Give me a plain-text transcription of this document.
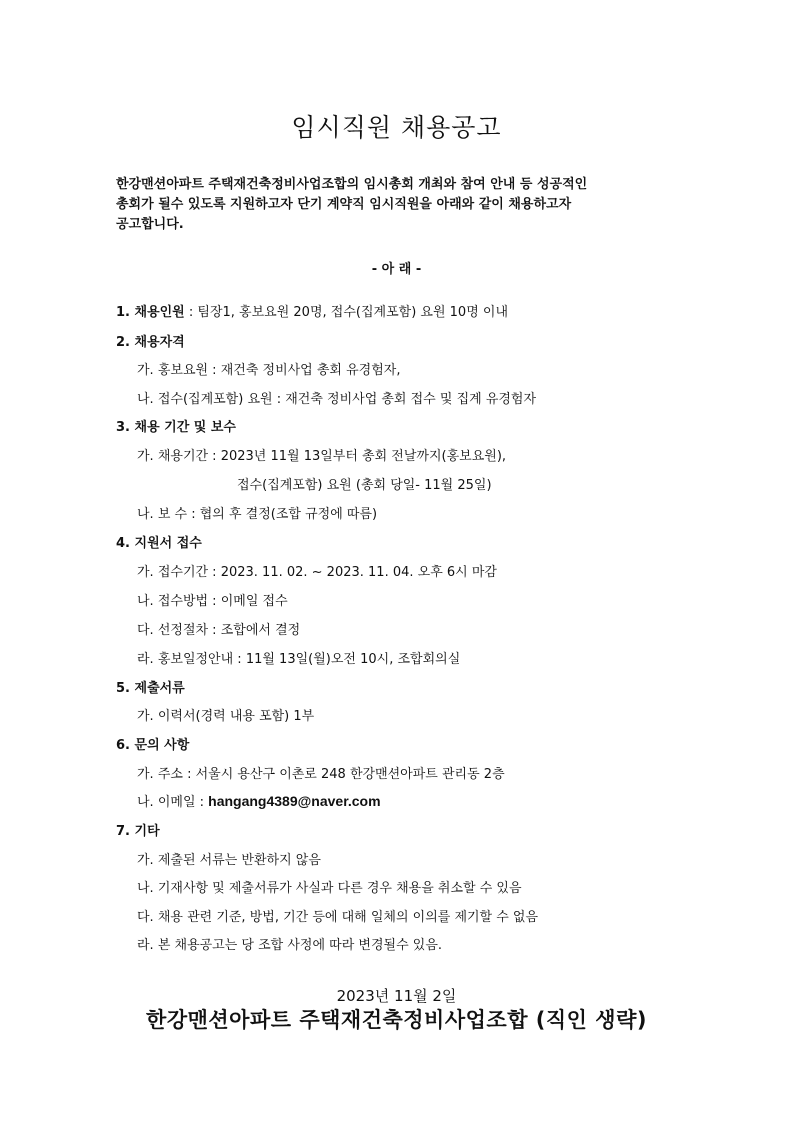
임시직원 채용공고
한강맨션아파트 주택재건축정비사업조합의 임시총회 개최와 참여 안내 등 성공적인
총회가 될수 있도록 지원하고자 단기 계약직 임시직원을 아래와 같이 채용하고자
공고합니다.
- 아 래 -
1. 채용인원 : 팀장1, 홍보요원 20명, 접수(집계포함) 요원 10명 이내
2. 채용자격
가. 홍보요원 : 재건축 정비사업 총회 유경험자,
나. 접수(집계포함) 요원 : 재건축 정비사업 총회 접수 및 집계 유경험자
3. 채용 기간 및 보수
가. 채용기간 : 2023년 11월 13일부터 총회 전날까지(홍보요원),
접수(집계포함) 요원 (총회 당일- 11월 25일)
나. 보 수 : 협의 후 결정(조합 규정에 따름)
4. 지원서 접수
가. 접수기간 : 2023. 11. 02. ~ 2023. 11. 04. 오후 6시 마감
나. 접수방법 : 이메일 접수
다. 선정절차 : 조합에서 결정
라. 홍보일정안내 : 11월 13일(월)오전 10시, 조합회의실
5. 제출서류
가. 이력서(경력 내용 포함) 1부
6. 문의 사항
가. 주소 : 서울시 용산구 이촌로 248 한강맨션아파트 관리동 2층
나. 이메일 : hangang4389@naver.com
7. 기타
가. 제출된 서류는 반환하지 않음
나. 기재사항 및 제출서류가 사실과 다른 경우 채용을 취소할 수 있음
다. 채용 관련 기준, 방법, 기간 등에 대해 일체의 이의를 제기할 수 없음
라. 본 채용공고는 당 조합 사정에 따라 변경될수 있음.
2023년 11월 2일
한강맨션아파트 주택재건축정비사업조합 (직인 생략)
